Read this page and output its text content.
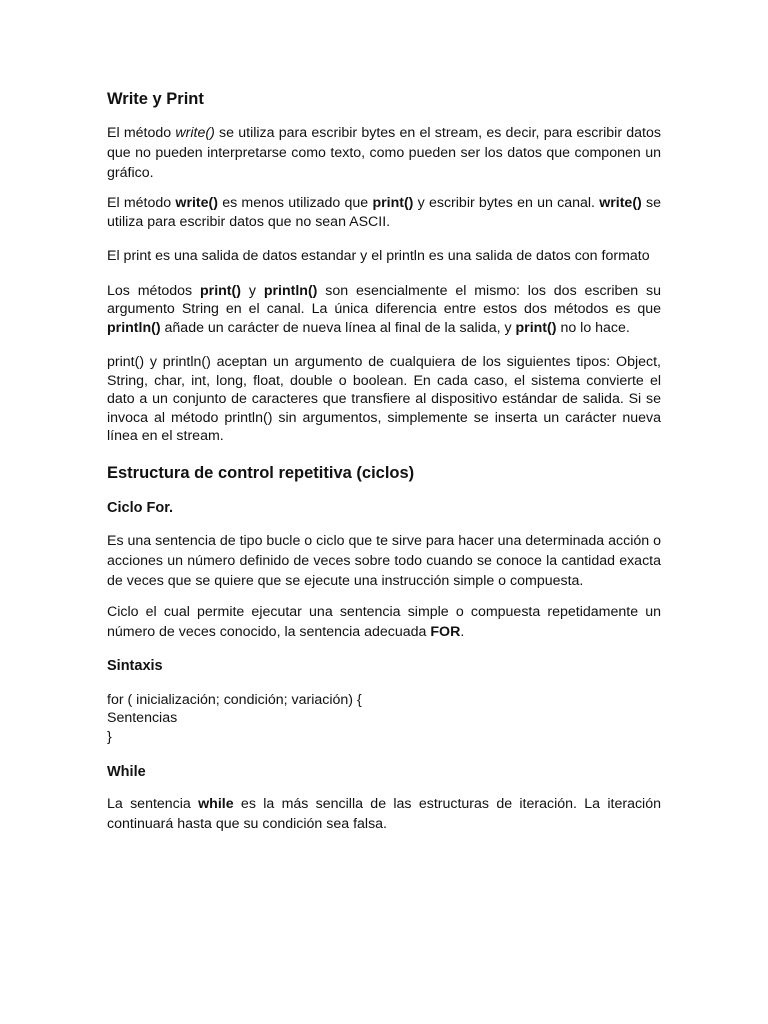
Write y Print

El método write() se utiliza para escribir bytes en el stream, es decir, para escribir datos que no pueden interpretarse como texto, como pueden ser los datos que componen un gráfico.

El método write() es menos utilizado que print() y escribir bytes en un canal. write() se utiliza para escribir datos que no sean ASCII.

El print es una salida de datos estandar y el println es una salida de datos con formato

Los métodos print() y println() son esencialmente el mismo: los dos escriben su argumento String en el canal. La única diferencia entre estos dos métodos es que println() añade un carácter de nueva línea al final de la salida, y print() no lo hace.

print() y println() aceptan un argumento de cualquiera de los siguientes tipos: Object, String, char, int, long, float, double o boolean. En cada caso, el sistema convierte el dato a un conjunto de caracteres que transfiere al dispositivo estándar de salida. Si se invoca al método println() sin argumentos, simplemente se inserta un carácter nueva línea en el stream.

Estructura de control repetitiva (ciclos)
Ciclo For.

Es una sentencia de tipo bucle o ciclo que te sirve para hacer una determinada acción o acciones un número definido de veces sobre todo cuando se conoce la cantidad exacta de veces que se quiere que se ejecute una instrucción simple o compuesta.

Ciclo el cual permite ejecutar una sentencia simple o compuesta repetidamente un número de veces conocido, la sentencia adecuada FOR.

Sintaxis

for ( inicialización; condición; variación) {

Sentencias

}

While

La sentencia while es la más sencilla de las estructuras de iteración. La iteración continuará hasta que su condición sea falsa.
